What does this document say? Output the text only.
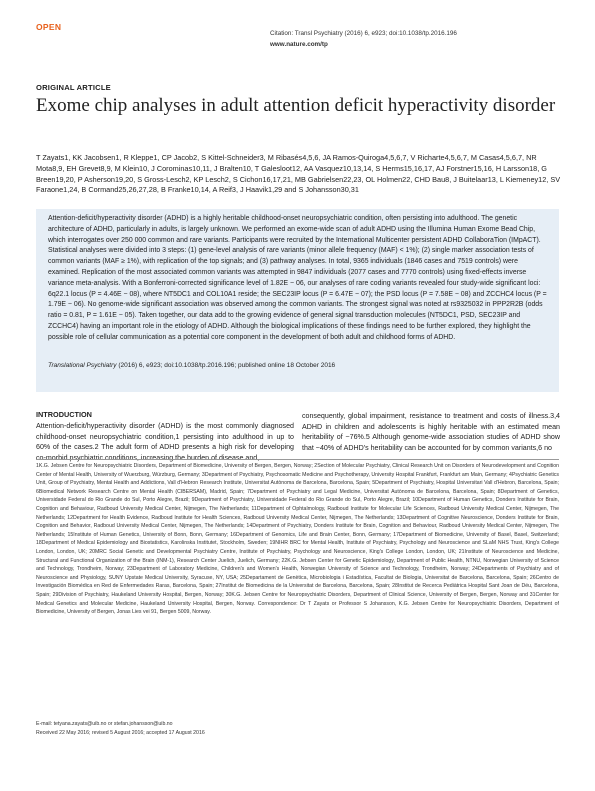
OPEN
Citation: Transl Psychiatry (2016) 6, e923; doi:10.1038/tp.2016.196
www.nature.com/tp
ORIGINAL ARTICLE
Exome chip analyses in adult attention deficit hyperactivity disorder

T Zayats1, KK Jacobsen1, R Kleppe1, CP Jacob2, S Kittel-Schneider3, M Ribasés4,5,6, JA Ramos-Quiroga4,5,6,7, V Richarte4,5,6,7, M Casas4,5,6,7, NR Mota8,9, EH Grevet8,9, M Klein10, J Corominas10,11, J Bralten10, T Galesloot12, AA Vasquez10,13,14, S Herms15,16,17, AJ Forstner15,16, H Larsson18, G Breen19,20, P Asherson19,20, S Gross-Lesch2, KP Lesch2, S Cichon16,17,21, MB Gabrielsen22,23, OL Holmen22, CHD Bau8, J Buitelaar13, L Kiemeney12, SV Faraone1,24, B Cormand25,26,27,28, B Franke10,14, A Reif3, J Haavik1,29 and S Johansson30,31

Attention-deficit/hyperactivity disorder (ADHD) is a highly heritable childhood-onset neuropsychiatric condition, often persisting into adulthood. The genetic architecture of ADHD, particularly in adults, is largely unknown. We performed an exome-wide scan of adult ADHD using the Illumina Human Exome Bead Chip, which interrogates over 250 000 common and rare variants. Participants were recruited by the International Multicenter persistent ADHD CollaboraTion (IMpACT). Statistical analyses were divided into 3 steps: (1) gene-level analysis of rare variants (minor allele frequency (MAF) < 1%); (2) single marker association tests of common variants (MAF ≥ 1%), with replication of the top signals; and (3) pathway analyses. In total, 9365 individuals (1846 cases and 7519 controls) were examined. Replication of the most associated common variants was attempted in 9847 individuals (2077 cases and 7770 controls) using fixed-effects inverse variance meta-analysis. With a Bonferroni-corrected significance level of 1.82E − 06, our analyses of rare coding variants revealed four study-wide significant loci: 6q22.1 locus (P = 4.46E − 08), where NT5DC1 and COL10A1 reside; the SEC23IP locus (P = 6.47E − 07); the PSD locus (P = 7.58E − 08) and ZCCHC4 locus (P = 1.79E − 06). No genome-wide significant association was observed among the common variants. The strongest signal was noted at rs9325032 in PPP2R2B (odds ratio = 0.81, P = 1.61E − 05). Taken together, our data add to the growing evidence of general signal transduction molecules (NT5DC1, PSD, SEC23IP and ZCCHC4) having an important role in the etiology of ADHD. Although the biological implications of these findings need to be further explored, they highlight the possible role of cellular communication as a potential core component in the development of both adult and childhood forms of ADHD.

Translational Psychiatry (2016) 6, e923; doi:10.1038/tp.2016.196; published online 18 October 2016

INTRODUCTION

Attention-deficit/hyperactivity disorder (ADHD) is the most commonly diagnosed childhood-onset neuropsychiatric condition,1 persisting into adulthood in up to 60% of the cases.2 The adult form of ADHD presents a high risk for developing co-morbid psychiatric conditions, increasing the burden of disease and,

consequently, global impairment, resistance to treatment and costs of illness.3,4 ADHD in children and adolescents is highly heritable with an estimated mean heritability of ~76%.5 Although genome-wide association studies of ADHD show that ~40% of ADHD's heritability can be accounted for by common variants,6 no

1K.G. Jebsen Centre for Neuropsychiatric Disorders, Department of Biomedicine, University of Bergen, Bergen, Norway; 2Section of Molecular Psychiatry, Clinical Research Unit on Disorders of Neurodevelopment and Cognition Center of Mental Health, University of Wuerzburg, Würzburg, Germany; 3Department of Psychiatry, Psychosomatic Medicine and Psychotherapy, University Hospital Frankfurt, Frankfurt am Main, Germany; 4Psychiatric Genetics Unit, Group of Psychiatry, Mental Health and Addictions, Vall d'Hebron Research Institute, Universitat Autònoma de Barcelona, Barcelona, Spain; 5Department of Psychiatry, Hospital Universitari Vall d'Hebron, Barcelona, Spain; 6Biomedical Network Research Centre on Mental Health (CIBERSAM), Madrid, Spain; 7Department of Psychiatry and Legal Medicine, Universitat Autònoma de Barcelona, Barcelona, Spain; 8Department of Genetics, Universidade Federal do Rio Grande do Sul, Porto Alegre, Brazil; 9Department of Psychiatry, Universidade Federal do Rio Grande do Sul, Porto Alegre, Brazil; 10Department of Human Genetics, Donders Institute for Brain, Cognition and Behaviour, Radboud University Medical Center, Nijmegen, The Netherlands; 11Department of Ophtalmology, Radboud Institute for Molecular Life Sciences, Radboud University Medical Center, Nijmegen, The Netherlands; 12Department for Health Evidence, Radboud Institute for Health Sciences, Radboud University Medical Center, Nijmegen, The Netherlands; 13Department of Cognitive Neuroscience, Donders Institute for Brain, Cognition and Behavior, Radboud University Medical Center, Nijmegen, The Netherlands; 14Department of Psychiatry, Donders Institute for Brain, Cognition and Behaviour, Radboud University Medical Center, Nijmegen, The Netherlands; 15Institute of Human Genetics, University of Bonn, Bonn, Germany; 16Department of Genomics, Life and Brain Center, Bonn, Germany; 17Department of Biomedicine, University of Basel, Basel, Switzerland; 18Department of Medical Epidemiology and Biostatistics, Karolinska Institutet, Stockholm, Sweden; 19NIHR BRC for Mental Health, Institute of Psychiatry, Psychology and Neuroscience and SLaM NHS Trust, King's College London, London, UK; 20MRC Social Genetic and Developmental Psychiatry Centre, Institute of Psychiatry, Psychology and Neuroscience, King's College London, London, UK; 21Institute of Neuroscience and Medicine, Structural and Functional Organization of the Brain (INM-1), Research Center Juelich, Juelich, Germany; 22K.G. Jebsen Center for Genetic Epidemiology, Department of Public Health, NTNU, Norwegian University of Science and Technology, Trondheim, Norway; 23Department of Laboratory Medicine, Children's and Women's Health, Norwegian University of Science and Technology, Trondheim, Norway; 24Departments of Psychiatry and of Neuroscience and Physiology, SUNY Upstate Medical University, Syracuse, NY, USA; 25Departament de Genètica, Microbiologia i Estadística, Facultat de Biologia, Universitat de Barcelona, Barcelona, Spain; 26Centro de Investigación Biomédica en Red de Enfermedades Raras, Barcelona, Spain; 27Institut de Biomedicina de la Universitat de Barcelona, Barcelona, Spain; 28Institut de Recerca Pediàtrica Hospital Sant Joan de Déu, Barcelona, Spain; 29Division of Psychiatry, Haukeland University Hospital, Bergen, Norway; 30K.G. Jebsen Centre for Neuropsychiatric Disorders, Department of Clinical Science, University of Bergen, Bergen, Norway and 31Center for Medical Genetics and Molecular Medicine, Haukeland University Hospital, Bergen, Norway. Correspondence: Dr T Zayats or Professor S Johansson, K.G. Jebsen Centre for Neuropsychiatric Disorders, Department of Biomedicine, University of Bergen, Jonas Lies vei 91, Bergen 5009, Norway.

E-mail: tetyana.zayats@uib.no or stefan.johansson@uib.no
Received 22 May 2016; revised 5 August 2016; accepted 17 August 2016
